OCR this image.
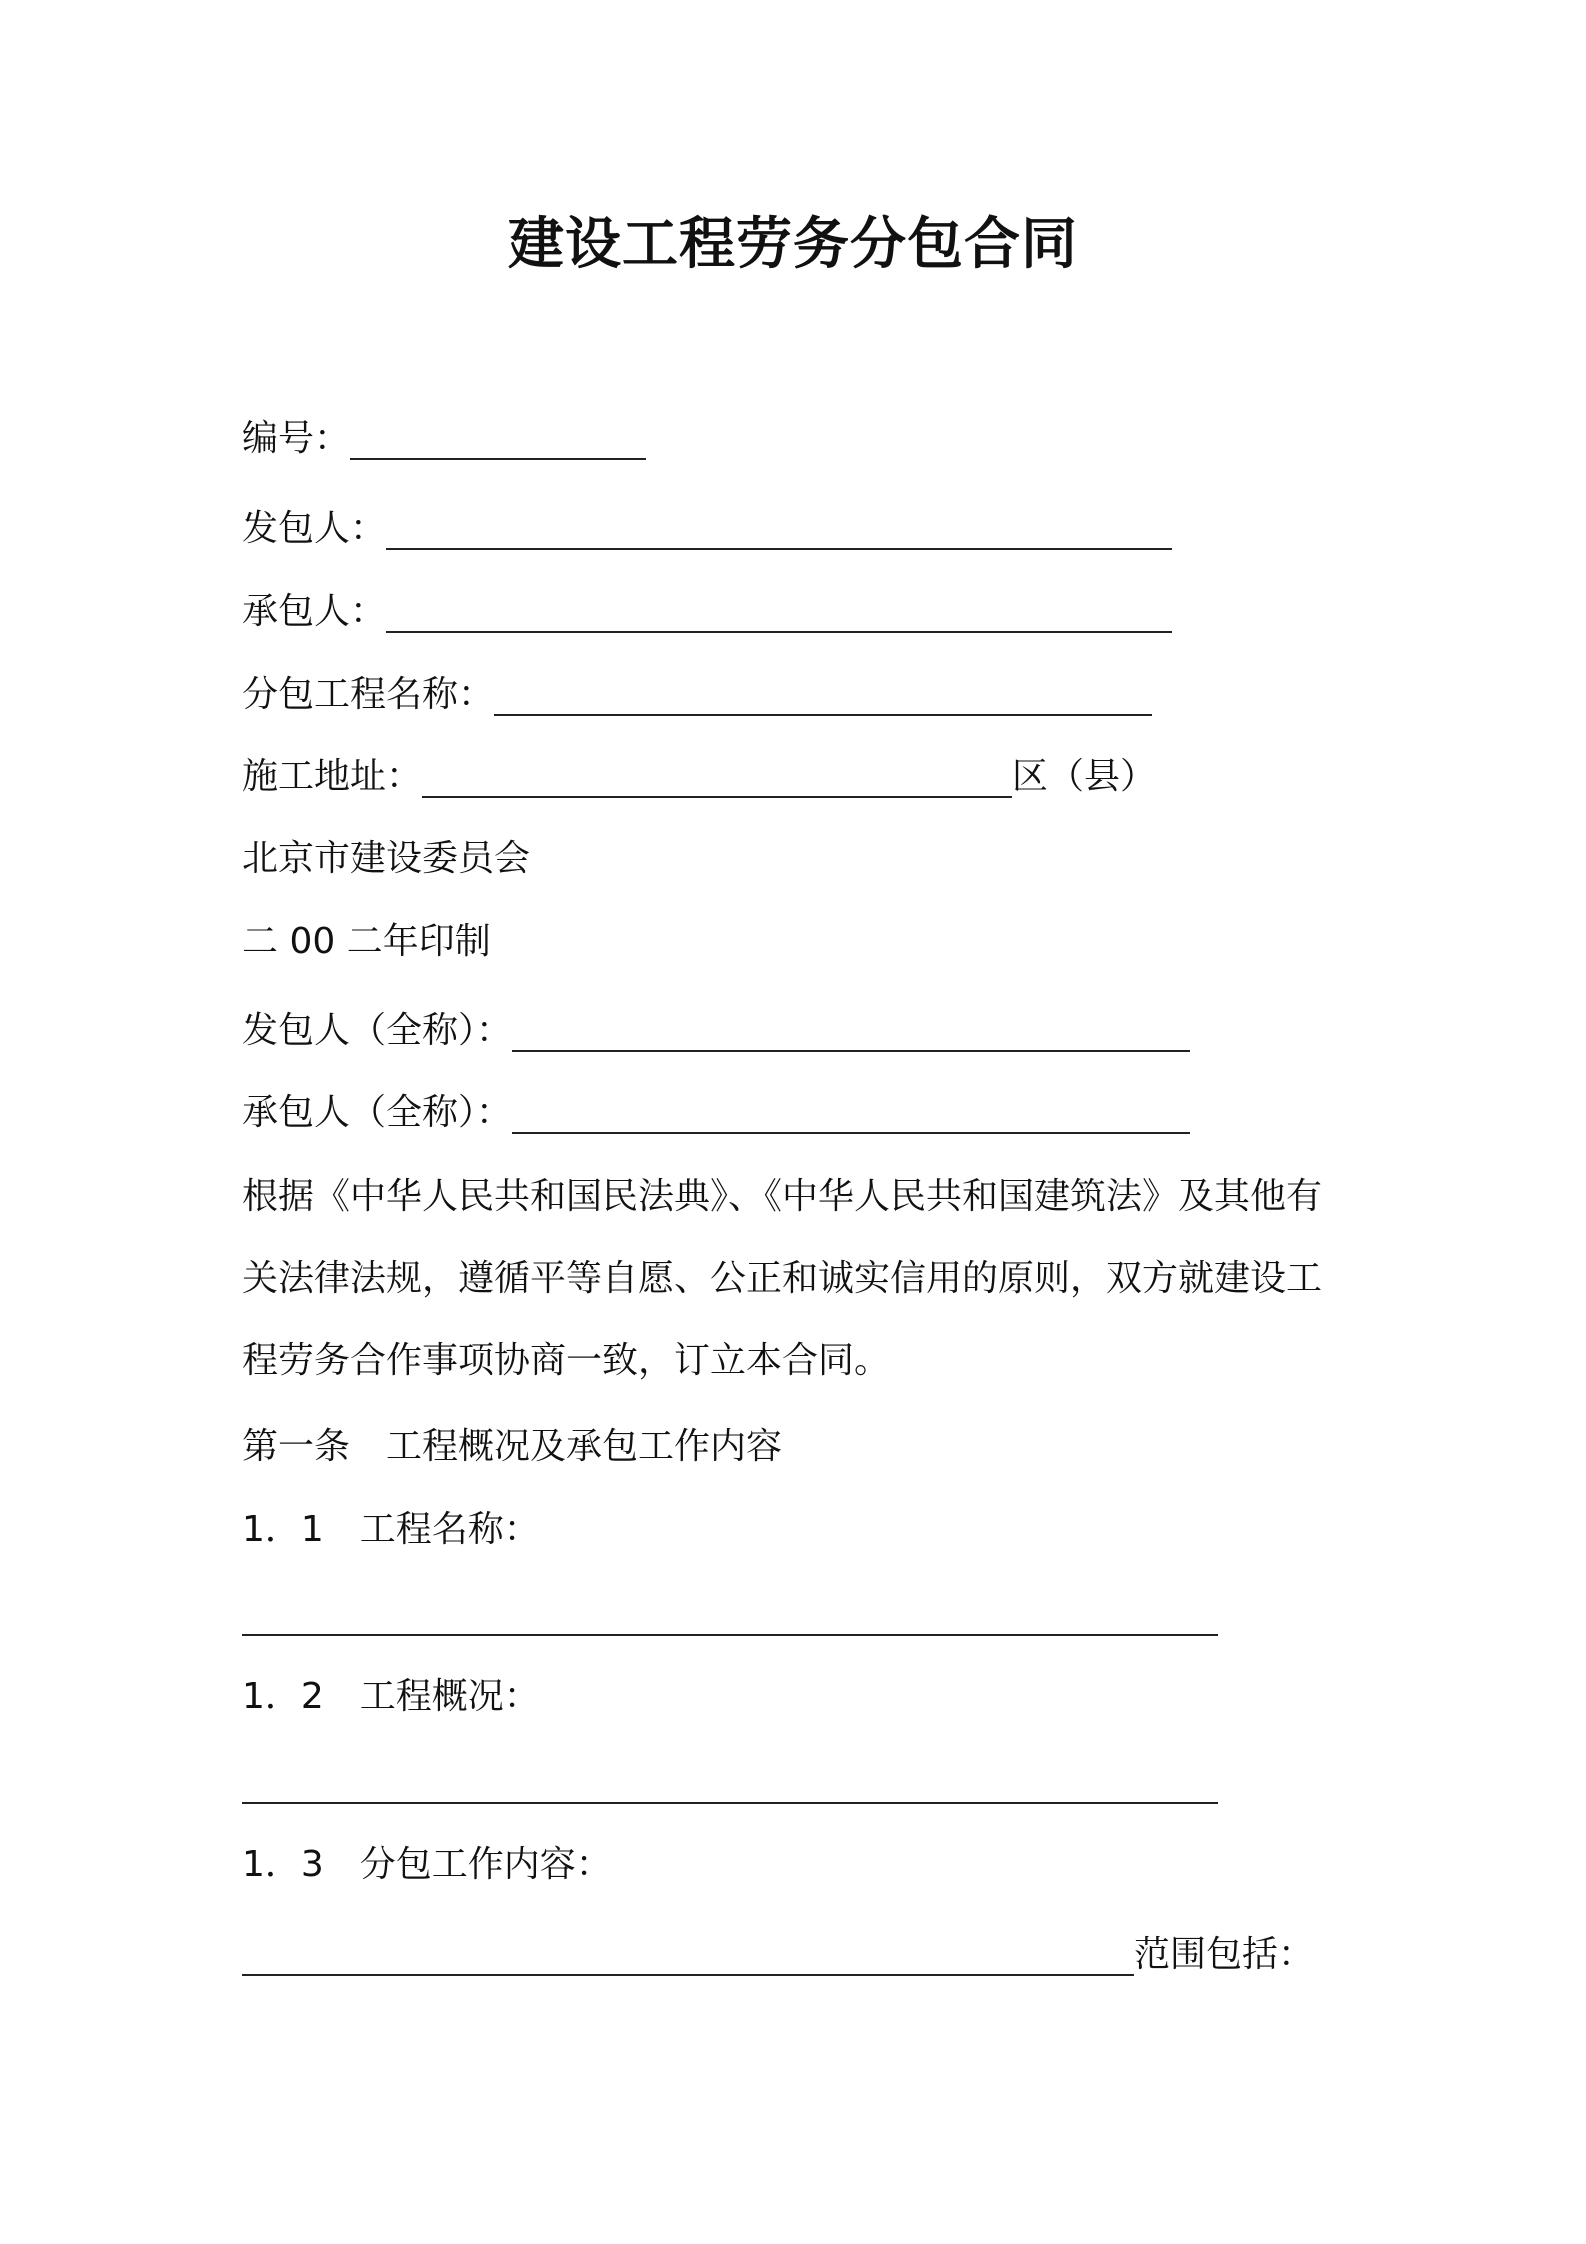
建设工程劳务分包合同
编号：
发包人：
承包人：
分包工程名称：
施工地址：	区（县）
北京市建设委员会
二 00 二年印制
发包人（全称）：
承包人（全称）：
根据《中华人民共和国民法典》、《中华人民共和国建筑法》及其他有
关法律法规，遵循平等自愿、公正和诚实信用的原则，双方就建设工
程劳务合作事项协商一致，订立本合同。
第一条　工程概况及承包工作内容
1．1　工程名称：
1．2　工程概况：
1．3　分包工作内容：
范围包括：
